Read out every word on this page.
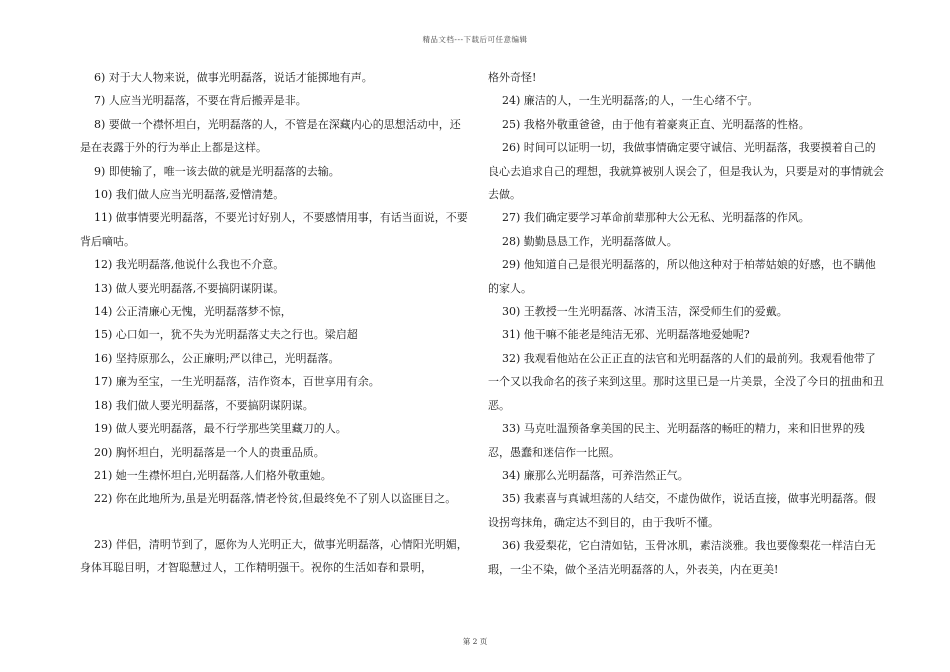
精品文档---下载后可任意编辑

6) 对于大人物来说，做事光明磊落，说话才能掷地有声。

7) 人应当光明磊落，不要在背后搬弄是非。

8) 要做一个襟怀坦白，光明磊落的人，不管是在深藏内心的思想活动中，还是在表露于外的行为举止上都是这样。

9) 即使输了，唯一该去做的就是光明磊落的去输。

10) 我们做人应当光明磊落,爱憎清楚。

11) 做事情要光明磊落，不要光讨好别人，不要感情用事，有话当面说，不要背后嘀咕。

12) 我光明磊落,他说什么我也不介意。

13) 做人要光明磊落,不要搞阴谋阴谋。

14) 公正清廉心无愧，光明磊落梦不惊，

15) 心口如一，犹不失为光明磊落丈夫之行也。梁启超

16) 坚持原那么，公正廉明;严以律己，光明磊落。

17) 廉为至宝，一生光明磊落，洁作资本，百世享用有余。

18) 我们做人要光明磊落，不要搞阴谋阴谋。

19) 做人要光明磊落，最不行学那些笑里藏刀的人。

20) 胸怀坦白，光明磊落是一个人的贵重品质。

21) 她一生襟怀坦白,光明磊落,人们格外敬重她。

22) 你在此地所为,虽是光明磊落,情老怜贫,但最终免不了别人以盗匪目之。

23) 伴侣，清明节到了，愿你为人光明正大，做事光明磊落，心情阳光明媚，身体耳聪目明，才智聪慧过人，工作精明强干。祝你的生活如春和景明，

格外奇怪!

24) 廉洁的人，一生光明磊落;的人，一生心绪不宁。

25) 我格外敬重爸爸，由于他有着豪爽正直、光明磊落的性格。

26) 时间可以证明一切，我做事情确定要守诚信、光明磊落，我要摸着自己的良心去追求自己的理想，我就算被别人误会了，但是我认为，只要是对的事情就会去做。

27) 我们确定要学习革命前辈那种大公无私、光明磊落的作风。

28) 勤勤恳恳工作，光明磊落做人。

29) 他知道自己是很光明磊落的，所以他这种对于柏蒂姑娘的好感，也不瞒他的家人。

30) 王教授一生光明磊落、冰清玉洁，深受师生们的爱戴。

31) 他干嘛不能老是纯洁无邪、光明磊落地爱她呢?

32) 我观看他站在公正正直的法官和光明磊落的人们的最前列。我观看他带了一个又以我命名的孩子来到这里。那时这里已是一片美景，全没了今日的扭曲和丑恶。

33) 马克吐温预备拿美国的民主、光明磊落的畅旺的精力，来和旧世界的残忍，愚蠢和迷信作一比照。

34) 廉那么光明磊落，可养浩然正气。

35) 我素喜与真诚坦荡的人结交，不虚伪做作，说话直接，做事光明磊落。假设拐弯抹角，确定达不到目的，由于我听不懂。

36) 我爱梨花，它白清如钻，玉骨冰肌，素洁淡雅。我也要像梨花一样洁白无瑕，一尘不染，做个圣洁光明磊落的人，外表美，内在更美!

第 2 页
